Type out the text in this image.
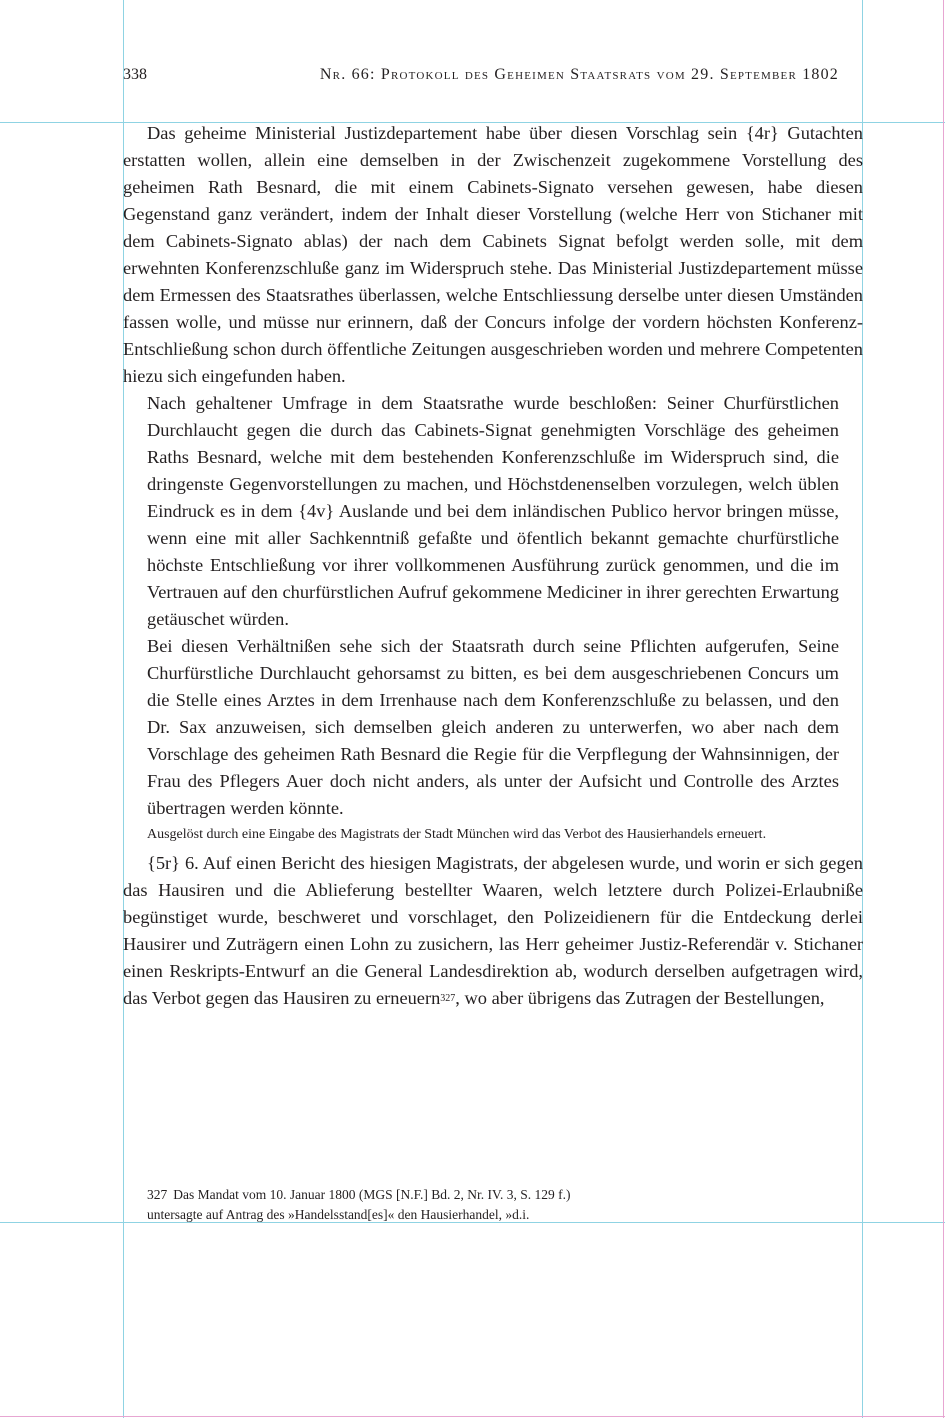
338	Nr. 66: Protokoll des Geheimen Staatsrats vom 29. September 1802

Das geheime Ministerial Justizdepartement habe über diesen Vorschlag sein {4r} Gutachten erstatten wollen, allein eine demselben in der Zwischenzeit zugekommene Vorstellung des geheimen Rath Besnard, die mit einem Cabinets-Signato versehen gewesen, habe diesen Gegenstand ganz verändert, indem der Inhalt dieser Vorstellung (welche Herr von Stichaner mit dem Cabinets-Signato ablas) der nach dem Cabinets Signat befolgt werden solle, mit dem erwehnten Konferenzschluße ganz im Widerspruch stehe. Das Ministerial Justizdepartement müsse dem Ermessen des Staatsrathes überlassen, welche Entschliessung derselbe unter diesen Umständen fassen wolle, und müsse nur erinnern, daß der Concurs infolge der vordern höchsten Konferenz-Entschließung schon durch öffentliche Zeitungen ausgeschrieben worden und mehrere Competenten hiezu sich eingefunden haben.

Nach gehaltener Umfrage in dem Staatsrathe wurde beschloßen: Seiner Churfürstlichen Durchlaucht gegen die durch das Cabinets-Signat genehmigten Vorschläge des geheimen Raths Besnard, welche mit dem bestehenden Konferenzschluße im Widerspruch sind, die dringenste Gegenvorstellungen zu machen, und Höchstdenenselben vorzulegen, welch üblen Eindruck es in dem {4v} Auslande und bei dem inländischen Publico hervor bringen müsse, wenn eine mit aller Sachkenntniß gefaßte und öfentlich bekannt gemachte churfürstliche höchste Entschließung vor ihrer vollkommenen Ausführung zurück genommen, und die im Vertrauen auf den churfürstlichen Aufruf gekommene Mediciner in ihrer gerechten Erwartung getäuschet würden.

Bei diesen Verhältnißen sehe sich der Staatsrath durch seine Pflichten aufgerufen, Seine Churfürstliche Durchlaucht gehorsamst zu bitten, es bei dem ausgeschriebenen Concurs um die Stelle eines Arztes in dem Irrenhause nach dem Konferenzschluße zu belassen, und den Dr. Sax anzuweisen, sich demselben gleich anderen zu unterwerfen, wo aber nach dem Vorschlage des geheimen Rath Besnard die Regie für die Verpflegung der Wahnsinnigen, der Frau des Pflegers Auer doch nicht anders, als unter der Aufsicht und Controlle des Arztes übertragen werden könnte.

Ausgelöst durch eine Eingabe des Magistrats der Stadt München wird das Verbot des Hausierhandels erneuert.

{5r} 6. Auf einen Bericht des hiesigen Magistrats, der abgelesen wurde, und worin er sich gegen das Hausiren und die Ablieferung bestellter Waaren, welch letztere durch Polizei-Erlaubniße begünstiget wurde, beschweret und vorschlaget, den Polizeidienern für die Entdeckung derlei Hausirer und Zuträgern einen Lohn zu zusichern, las Herr geheimer Justiz-Referendär v. Stichaner einen Reskripts-Entwurf an die General Landesdirektion ab, wodurch derselben aufgetragen wird, das Verbot gegen das Hausiren zu erneuern$^{327}$, wo aber übrigens das Zutragen der Bestellungen,

327 Das Mandat vom 10. Januar 1800 (MGS [N.F.] Bd. 2, Nr. IV. 3, S. 129 f.)
untersagte auf Antrag des »Handelsstand[es]« den Hausierhandel, »d.i.
